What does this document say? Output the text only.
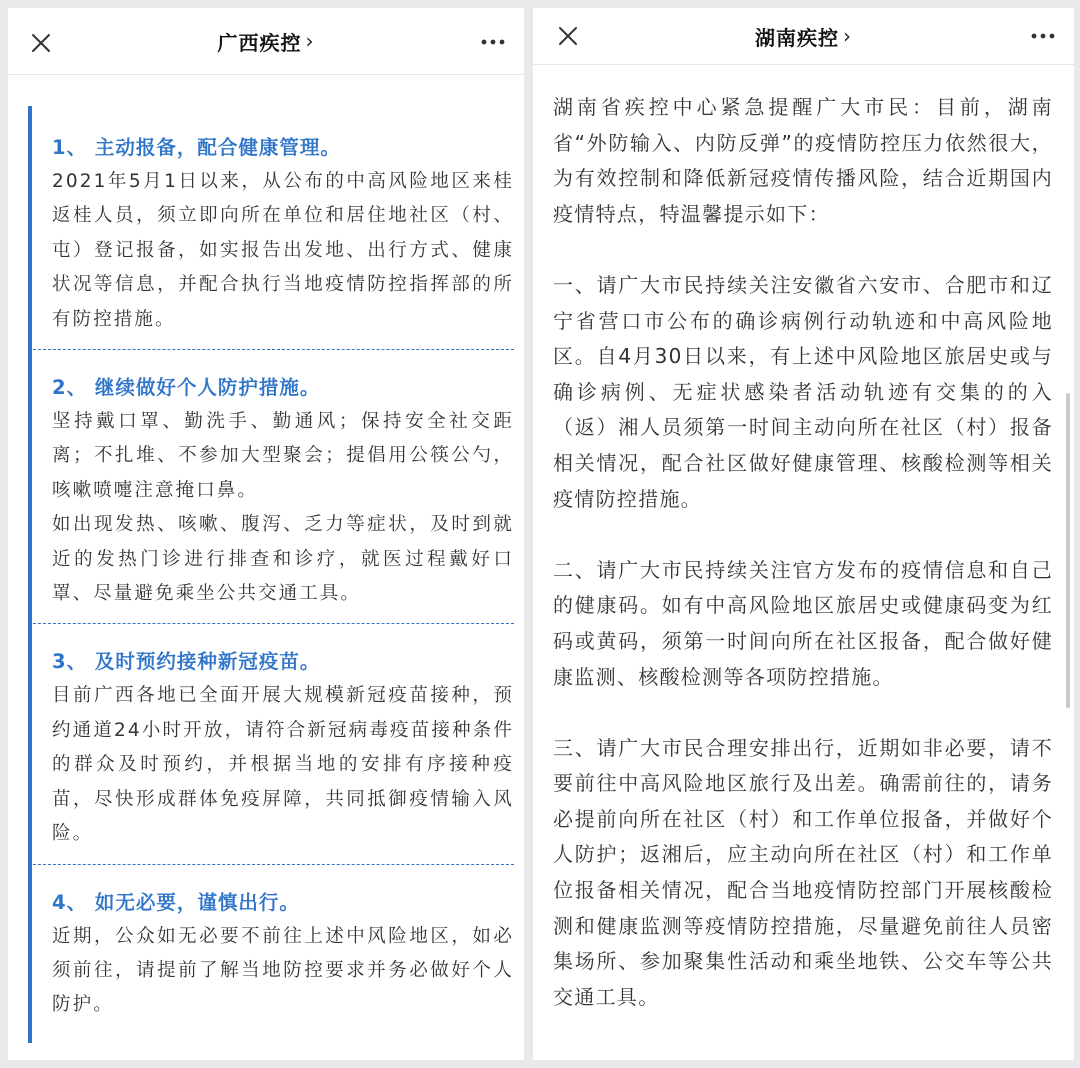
广西疾控 ›
1、 主动报备，配合健康管理。
2021年5月1日以来，从公布的中高风险地区来桂返桂人员，须立即向所在单位和居住地社区（村、屯）登记报备，如实报告出发地、出行方式、健康状况等信息，并配合执行当地疫情防控指挥部的所有防控措施。
2、 继续做好个人防护措施。
坚持戴口罩、勤洗手、勤通风；保持安全社交距离；不扎堆、不参加大型聚会；提倡用公筷公勺，咳嗽喷嚏注意掩口鼻。
如出现发热、咳嗽、腹泻、乏力等症状，及时到就近的发热门诊进行排查和诊疗，就医过程戴好口罩、尽量避免乘坐公共交通工具。
3、 及时预约接种新冠疫苗。
目前广西各地已全面开展大规模新冠疫苗接种，预约通道24小时开放，请符合新冠病毒疫苗接种条件的群众及时预约，并根据当地的安排有序接种疫苗，尽快形成群体免疫屏障，共同抵御疫情输入风险。
4、 如无必要，谨慎出行。
近期，公众如无必要不前往上述中风险地区，如必须前往，请提前了解当地防控要求并务必做好个人防护。
湖南疾控 ›

湖南省疾控中心紧急提醒广大市民：目前，湖南省“外防输入、内防反弹”的疫情防控压力依然很大，为有效控制和降低新冠疫情传播风险，结合近期国内疫情特点，特温馨提示如下：

一、请广大市民持续关注安徽省六安市、合肥市和辽宁省营口市公布的确诊病例行动轨迹和中高风险地区。自4月30日以来，有上述中风险地区旅居史或与确诊病例、无症状感染者活动轨迹有交集的的入（返）湘人员须第一时间主动向所在社区（村）报备相关情况，配合社区做好健康管理、核酸检测等相关疫情防控措施。

二、请广大市民持续关注官方发布的疫情信息和自己的健康码。如有中高风险地区旅居史或健康码变为红码或黄码，须第一时间向所在社区报备，配合做好健康监测、核酸检测等各项防控措施。

三、请广大市民合理安排出行，近期如非必要，请不要前往中高风险地区旅行及出差。确需前往的，请务必提前向所在社区（村）和工作单位报备，并做好个人防护；返湘后，应主动向所在社区（村）和工作单位报备相关情况，配合当地疫情防控部门开展核酸检测和健康监测等疫情防控措施，尽量避免前往人员密集场所、参加聚集性活动和乘坐地铁、公交车等公共交通工具。
